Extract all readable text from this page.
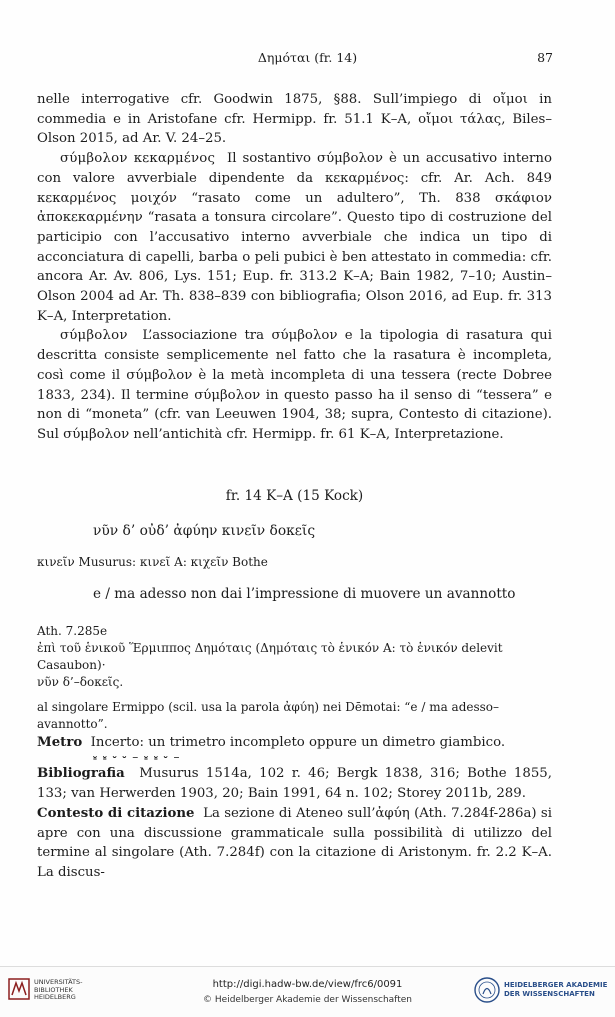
Δημόται (fr. 14)	87

nelle interrogative cfr. Goodwin 1875, §88. Sull’impiego di οἴμοι in commedia e in Aristofane cfr. Hermipp. fr. 51.1 K–A, οἴμοι τάλας, Biles–Olson 2015, ad Ar. V. 24–25.

σύμβολον κεκαρμένος Il sostantivo σύμβολον è un accusativo interno con valore avverbiale dipendente da κεκαρμένος: cfr. Ar. Ach. 849 κεκαρμένος μοιχόν “rasato come un adultero”, Th. 838 σκάφιον ἀποκεκαρμένην “rasata a tonsura circolare”. Questo tipo di costruzione del participio con l’accusativo interno avverbiale che indica un tipo di acconciatura di capelli, barba o peli pubici è ben attestato in commedia: cfr. ancora Ar. Av. 806, Lys. 151; Eup. fr. 313.2 K–A; Bain 1982, 7–10; Austin–Olson 2004 ad Ar. Th. 838–839 con bibliografia; Olson 2016, ad Eup. fr. 313 K–A, Interpretation.

σύμβολον L’associazione tra σύμβολον e la tipologia di rasatura qui descritta consiste semplicemente nel fatto che la rasatura è incompleta, così come il σύμβολον è la metà incompleta di una tessera (recte Dobree 1833, 234). Il termine σύμβολον in questo passo ha il senso di “tessera” e non di “moneta” (cfr. van Leeuwen 1904, 38; supra, Contesto di citazione). Sul σύμβολον nell’antichità cfr. Hermipp. fr. 61 K–A, Interpretazione.

fr. 14 K–A (15 Kock)
νῦν δ’ οὐδ’ ἀφύην κινεῖν δοκεῖς
κινεῖν Musurus: κινεῖ A: κιχεῖν Bothe
e / ma adesso non dai l’impressione di muovere un avannotto
Ath. 7.285e
ἐπὶ τοῦ ἑνικοῦ Ἕρμιππος Δημόταις (Δημόταις τὸ ἑνικόν A: τὸ ἑνικόν delevit Casaubon)·
νῦν δ’–δοκεῖς.
al singolare Ermippo (scil. usa la parola ἀφύη) nei Dēmotai: “e / ma adesso–avannotto”.

Metro Incerto: un trimetro incompleto oppure un dimetro giambico.

⏓ ⏓ ⏑ ⏑ – ⏓ ⏓ ⏑ –

Bibliografia Musurus 1514a, 102 r. 46; Bergk 1838, 316; Bothe 1855, 133; van Herwerden 1903, 20; Bain 1991, 64 n. 102; Storey 2011b, 289.

Contesto di citazione La sezione di Ateneo sull’ἀφύη (Ath. 7.284f-286a) si apre con una discussione grammaticale sulla possibilità di utilizzo del termine al singolare (Ath. 7.284f) con la citazione di Aristonym. fr. 2.2 K–A. La discus-

UNIVERSITÄTS-
BIBLIOTHEK
HEIDELBERG
http://digi.hadw-bw.de/view/frc6/0091
© Heidelberger Akademie der Wissenschaften
HEIDELBERGER AKADEMIE
DER WISSENSCHAFTEN
